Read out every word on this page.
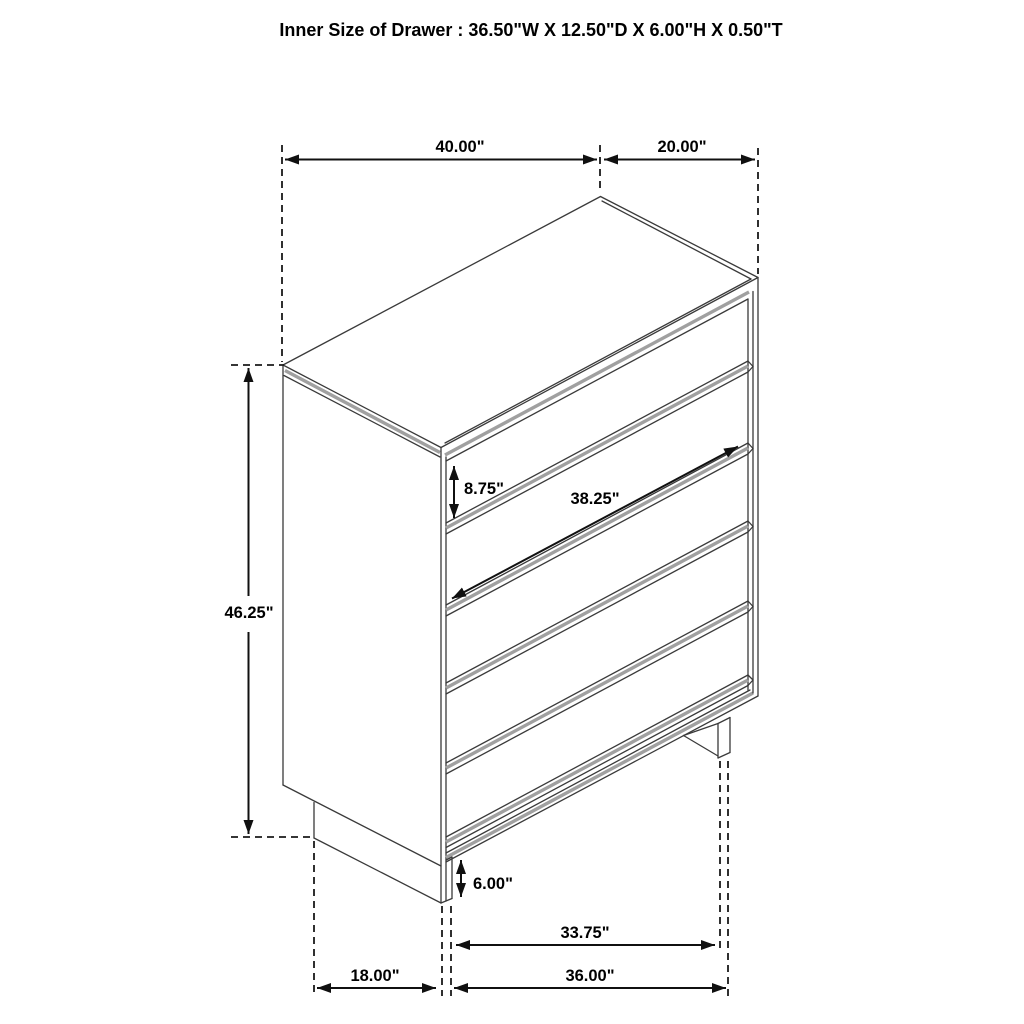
Inner Size of Drawer : 36.50"W X 12.50"D X 6.00"H X 0.50"T
40.00"	20.00"
46.25"
8.75"
38.25"
6.00"
33.75"
36.00"
18.00"
